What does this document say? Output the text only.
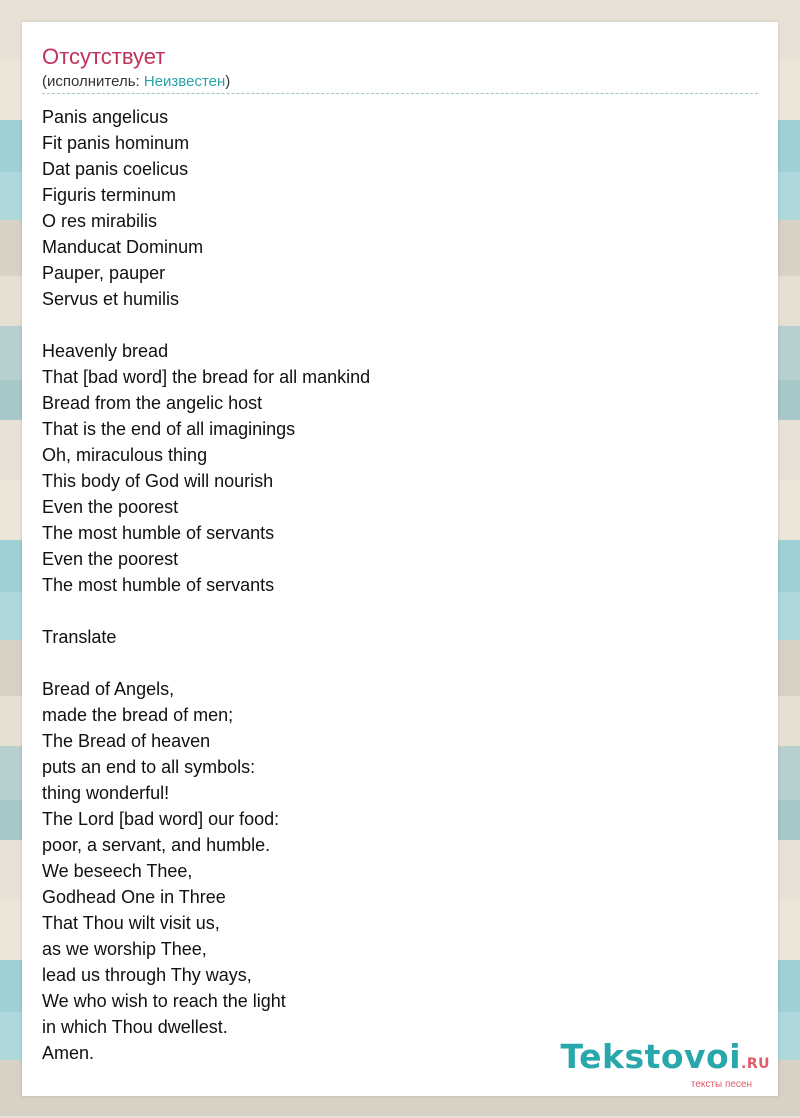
Отсутствует
(исполнитель: Неизвестен)
Panis angelicus
Fit panis hominum
Dat panis coelicus
Figuris terminum
O res mirabilis
Manducat Dominum
Pauper, pauper
Servus et humilis
Heavenly bread
That [bad word] the bread for all mankind
Bread from the angelic host
That is the end of all imaginings
Oh, miraculous thing
This body of God will nourish
Even the poorest
The most humble of servants
Even the poorest
The most humble of servants
Translate
Bread of Angels,
made the bread of men;
The Bread of heaven
puts an end to all symbols:
thing wonderful!
The Lord [bad word] our food:
poor, a servant, and humble.
We beseech Thee,
Godhead One in Three
That Thou wilt visit us,
as we worship Thee,
lead us through Thy ways,
We who wish to reach the light
in which Thou dwellest.
Amen.	Tekstovoi.RU
тексты песен
